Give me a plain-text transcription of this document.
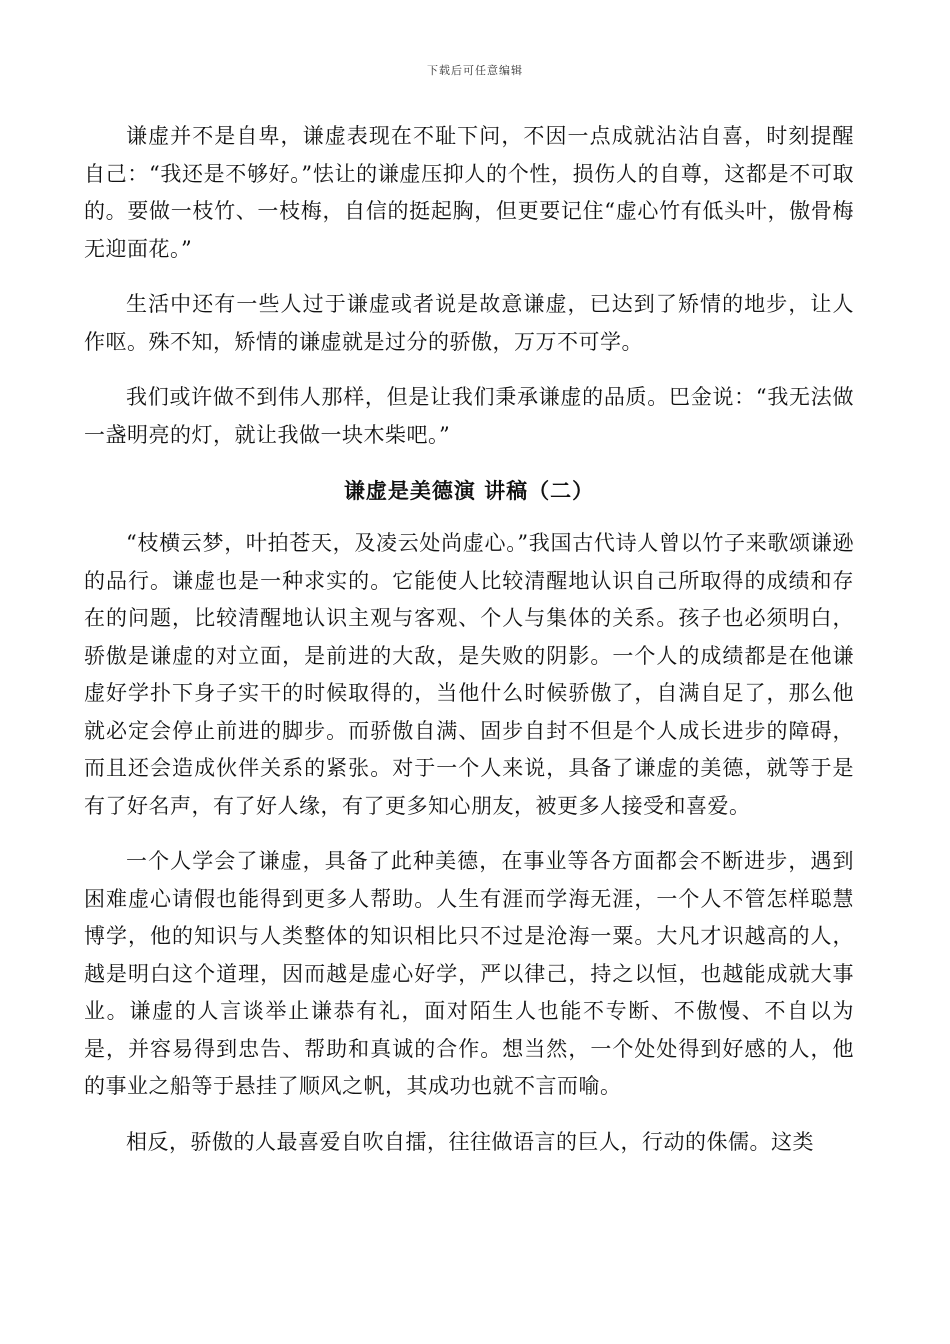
下载后可任意编辑

谦虚并不是自卑，谦虚表现在不耻下问，不因一点成就沾沾自喜，时刻提醒自己：“我还是不够好。”怯让的谦虚压抑人的个性，损伤人的自尊，这都是不可取的。要做一枝竹、一枝梅，自信的挺起胸，但更要记住“虚心竹有低头叶，傲骨梅无迎面花。”

生活中还有一些人过于谦虚或者说是故意谦虚，已达到了矫情的地步，让人作呕。殊不知，矫情的谦虚就是过分的骄傲，万万不可学。

我们或许做不到伟人那样，但是让我们秉承谦虚的品质。巴金说：“我无法做一盏明亮的灯，就让我做一块木柴吧。”

谦虚是美德演 讲稿（二）

“枝横云梦，叶拍苍天，及凌云处尚虚心。”我国古代诗人曾以竹子来歌颂谦逊的品行。谦虚也是一种求实的。它能使人比较清醒地认识自己所取得的成绩和存在的问题，比较清醒地认识主观与客观、个人与集体的关系。孩子也必须明白，骄傲是谦虚的对立面，是前进的大敌，是失败的阴影。一个人的成绩都是在他谦虚好学扑下身子实干的时候取得的，当他什么时候骄傲了，自满自足了，那么他就必定会停止前进的脚步。而骄傲自满、固步自封不但是个人成长进步的障碍，而且还会造成伙伴关系的紧张。对于一个人来说，具备了谦虚的美德，就等于是有了好名声，有了好人缘，有了更多知心朋友，被更多人接受和喜爱。

一个人学会了谦虚，具备了此种美德，在事业等各方面都会不断进步，遇到困难虚心请假也能得到更多人帮助。人生有涯而学海无涯，一个人不管怎样聪慧博学，他的知识与人类整体的知识相比只不过是沧海一粟。大凡才识越高的人，越是明白这个道理，因而越是虚心好学，严以律己，持之以恒，也越能成就大事业。谦虚的人言谈举止谦恭有礼，面对陌生人也能不专断、不傲慢、不自以为是，并容易得到忠告、帮助和真诚的合作。想当然，一个处处得到好感的人，他的事业之船等于悬挂了顺风之帆，其成功也就不言而喻。

相反，骄傲的人最喜爱自吹自擂，往往做语言的巨人，行动的侏儒。这类
